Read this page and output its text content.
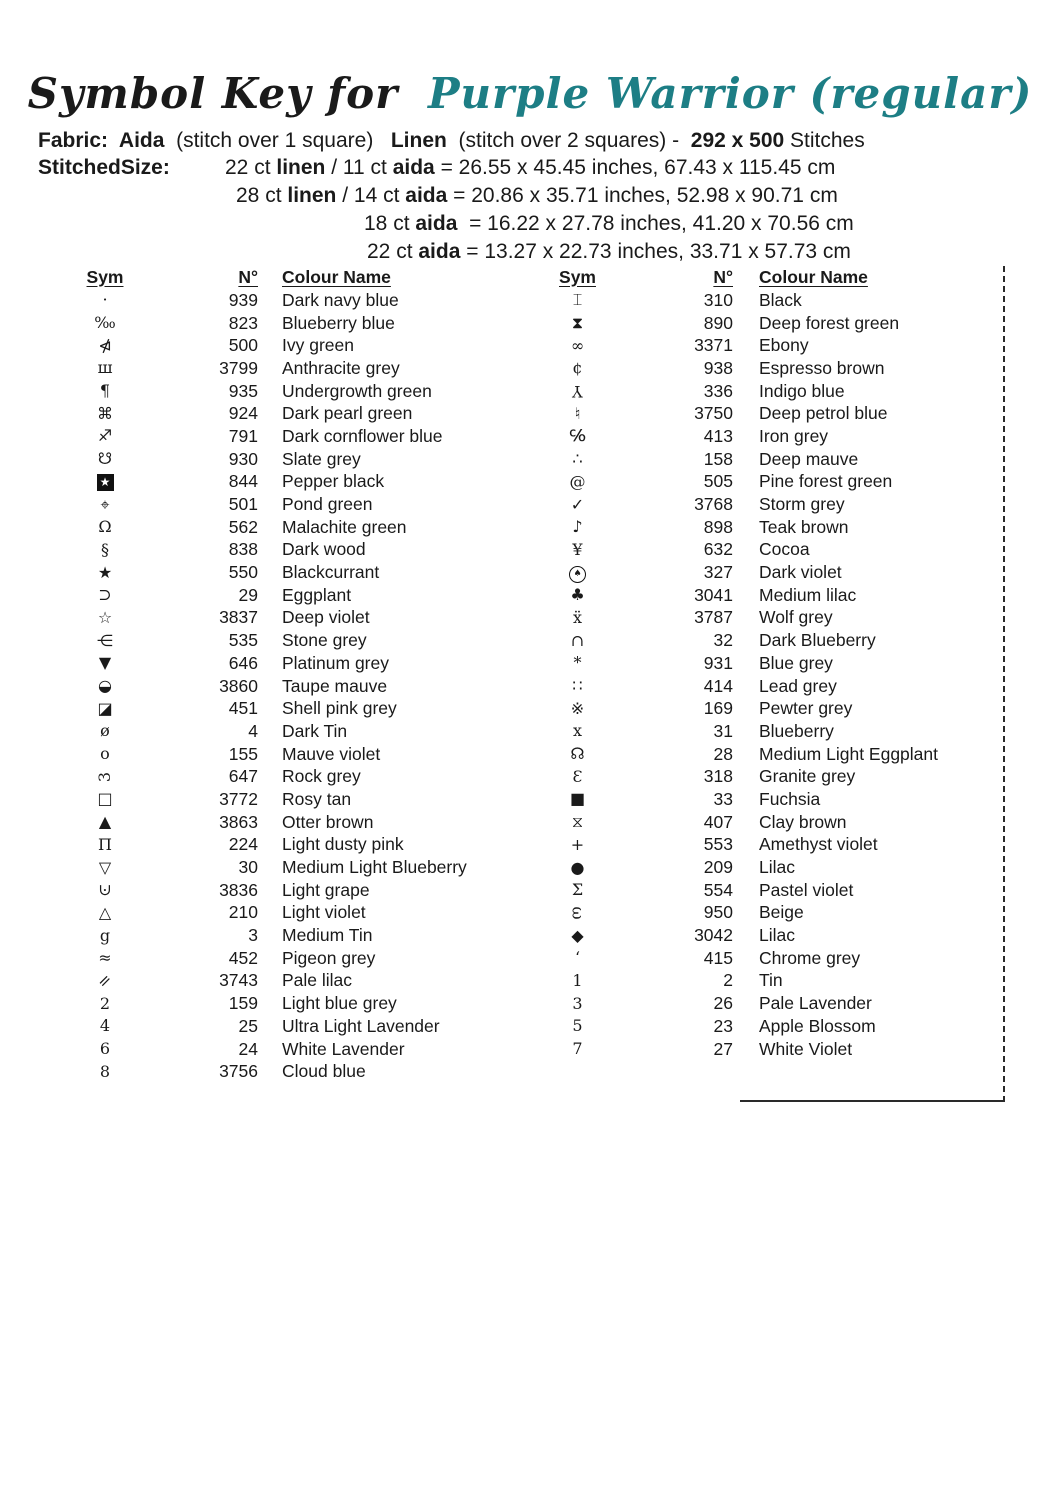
Symbol Key for Purple Warrior (regular)
Fabric:  Aida  (stitch over 1 square)   Linen  (stitch over 2 squares) -  292 x 500 Stitches
StitchedSize:	22 ct linen / 11 ct aida = 26.55 x 45.45 inches, 67.43 x 115.45 cm
28 ct linen / 14 ct aida = 20.86 x 35.71 inches, 52.98 x 90.71 cm
18 ct aida  = 16.22 x 27.78 inches, 41.20 x 70.56 cm
22 ct aida = 13.27 x 22.73 inches, 33.71 x 57.73 cm
Sym	N°	Colour Name
·	939	Dark navy blue
‰	823	Blueberry blue
⋪	500	Ivy green
ш	3799	Anthracite grey
¶	935	Undergrowth green
⌘	924	Dark pearl green
♐	791	Dark cornflower blue
☋	930	Slate grey
★	844	Pepper black
⌖	501	Pond green
Ω	562	Malachite green
§	838	Dark wood
★	550	Blackcurrant
⊃	29	Eggplant
☆	3837	Deep violet
⋲	535	Stone grey
▼	646	Platinum grey
◒	3860	Taupe mauve
◪	451	Shell pink grey
ø	4	Dark Tin
o	155	Mauve violet
3	647	Rock grey
□	3772	Rosy tan
▲	3863	Otter brown
Π	224	Light dusty pink
▽	30	Medium Light Blueberry
⊍	3836	Light grape
△	210	Light violet
g	3	Medium Tin
≈	452	Pigeon grey
=	3743	Pale lilac
2	159	Light blue grey
4	25	Ultra Light Lavender
6	24	White Lavender
8	3756	Cloud blue
Sym	N°	Colour Name
⌶	310	Black
⧗	890	Deep forest green
∞	3371	Ebony
¢	938	Espresso brown
Y	336	Indigo blue
♮	3750	Deep petrol blue
℅	413	Iron grey
∴	158	Deep mauve
@	505	Pine forest green
✓	3768	Storm grey
♪	898	Teak brown
¥	632	Cocoa
♠	327	Dark violet
♣	3041	Medium lilac
ẍ	3787	Wolf grey
∩	32	Dark Blueberry
*	931	Blue grey
∷	414	Lead grey
※	169	Pewter grey
x	31	Blueberry
☊	28	Medium Light Eggplant
Ɛ	318	Granite grey
■	33	Fuchsia
⧖	407	Clay brown
+	553	Amethyst violet
●	209	Lilac
Σ	554	Pastel violet
ω	950	Beige
◆	3042	Lilac
‘	415	Chrome grey
1	2	Tin
3	26	Pale Lavender
5	23	Apple Blossom
7	27	White Violet
